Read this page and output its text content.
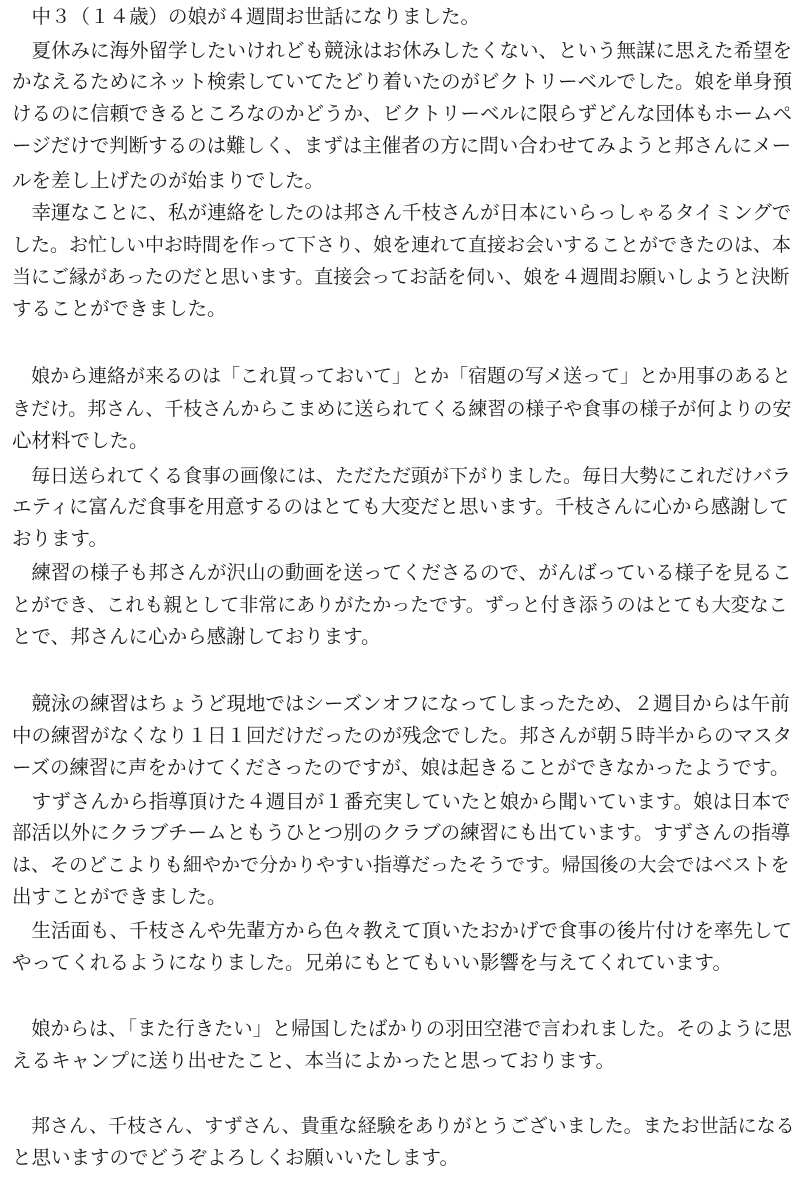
　中３（１４歳）の娘が４週間お世話になりました。
　夏休みに海外留学したいけれども競泳はお休みしたくない、という無謀に思えた希望を
かなえるためにネット検索していてたどり着いたのがビクトリーベルでした。娘を単身預
けるのに信頼できるところなのかどうか、ビクトリーベルに限らずどんな団体もホームペ
ージだけで判断するのは難しく、まずは主催者の方に問い合わせてみようと邦さんにメー
ルを差し上げたのが始まりでした。
　幸運なことに、私が連絡をしたのは邦さん千枝さんが日本にいらっしゃるタイミングで
した。お忙しい中お時間を作って下さり、娘を連れて直接お会いすることができたのは、本
当にご縁があったのだと思います。直接会ってお話を伺い、娘を４週間お願いしようと決断
することができました。
　娘から連絡が来るのは「これ買っておいて」とか「宿題の写メ送って」とか用事のあると
きだけ。邦さん、千枝さんからこまめに送られてくる練習の様子や食事の様子が何よりの安
心材料でした。
　毎日送られてくる食事の画像には、ただただ頭が下がりました。毎日大勢にこれだけバラ
エティに富んだ食事を用意するのはとても大変だと思います。千枝さんに心から感謝して
おります。
　練習の様子も邦さんが沢山の動画を送ってくださるので、がんばっている様子を見るこ
とができ、これも親として非常にありがたかったです。ずっと付き添うのはとても大変なこ
とで、邦さんに心から感謝しております。
　競泳の練習はちょうど現地ではシーズンオフになってしまったため、２週目からは午前
中の練習がなくなり１日１回だけだったのが残念でした。邦さんが朝５時半からのマスタ
ーズの練習に声をかけてくださったのですが、娘は起きることができなかったようです。
　すずさんから指導頂けた４週目が１番充実していたと娘から聞いています。娘は日本で
部活以外にクラブチームともうひとつ別のクラブの練習にも出ています。すずさんの指導
は、そのどこよりも細やかで分かりやすい指導だったそうです。帰国後の大会ではベストを
出すことができました。
　生活面も、千枝さんや先輩方から色々教えて頂いたおかげで食事の後片付けを率先して
やってくれるようになりました。兄弟にもとてもいい影響を与えてくれています。
　娘からは、「また行きたい」と帰国したばかりの羽田空港で言われました。そのように思
えるキャンプに送り出せたこと、本当によかったと思っております。
　邦さん、千枝さん、すずさん、貴重な経験をありがとうございました。またお世話になる
と思いますのでどうぞよろしくお願いいたします。
